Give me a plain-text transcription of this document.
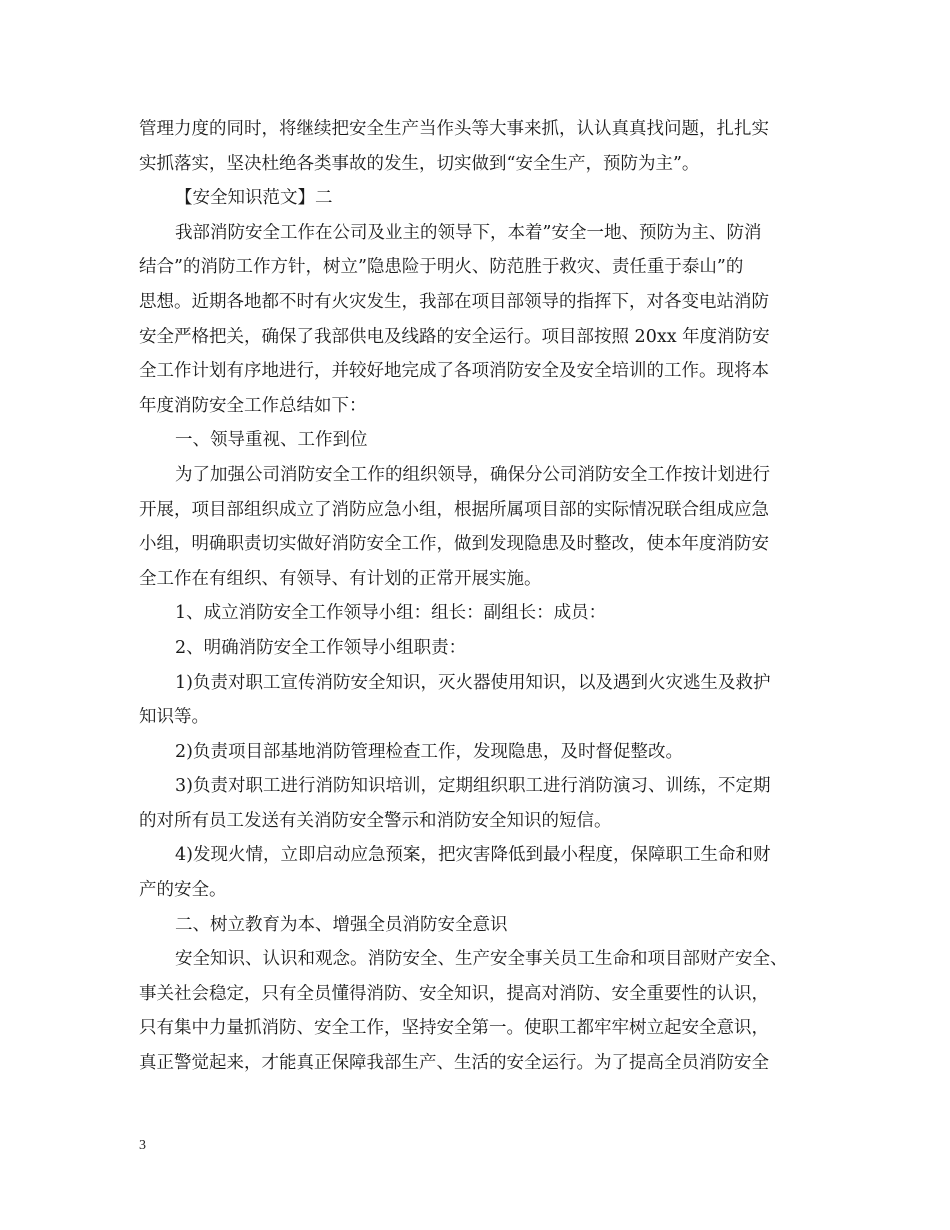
管理力度的同时，将继续把安全生产当作头等大事来抓，认认真真找问题，扎扎实
实抓落实，坚决杜绝各类事故的发生，切实做到“安全生产，预防为主”。
【安全知识范文】二
我部消防安全工作在公司及业主的领导下，本着”安全一地、预防为主、防消
结合”的消防工作方针，树立”隐患险于明火、防范胜于救灾、责任重于泰山”的
思想。近期各地都不时有火灾发生，我部在项目部领导的指挥下，对各变电站消防
安全严格把关，确保了我部供电及线路的安全运行。项目部按照 20xx 年度消防安
全工作计划有序地进行，并较好地完成了各项消防安全及安全培训的工作。现将本
年度消防安全工作总结如下：
一、领导重视、工作到位
为了加强公司消防安全工作的组织领导，确保分公司消防安全工作按计划进行
开展，项目部组织成立了消防应急小组，根据所属项目部的实际情况联合组成应急
小组，明确职责切实做好消防安全工作，做到发现隐患及时整改，使本年度消防安
全工作在有组织、有领导、有计划的正常开展实施。
1、成立消防安全工作领导小组：组长：副组长：成员：
2、明确消防安全工作领导小组职责：
1)负责对职工宣传消防安全知识，灭火器使用知识，以及遇到火灾逃生及救护
知识等。
2)负责项目部基地消防管理检查工作，发现隐患，及时督促整改。
3)负责对职工进行消防知识培训，定期组织职工进行消防演习、训练，不定期
的对所有员工发送有关消防安全警示和消防安全知识的短信。
4)发现火情，立即启动应急预案，把灾害降低到最小程度，保障职工生命和财
产的安全。
二、树立教育为本、增强全员消防安全意识
安全知识、认识和观念。消防安全、生产安全事关员工生命和项目部财产安全、
事关社会稳定，只有全员懂得消防、安全知识，提高对消防、安全重要性的认识，
只有集中力量抓消防、安全工作，坚持安全第一。使职工都牢牢树立起安全意识，
真正警觉起来，才能真正保障我部生产、生活的安全运行。为了提高全员消防安全
3
